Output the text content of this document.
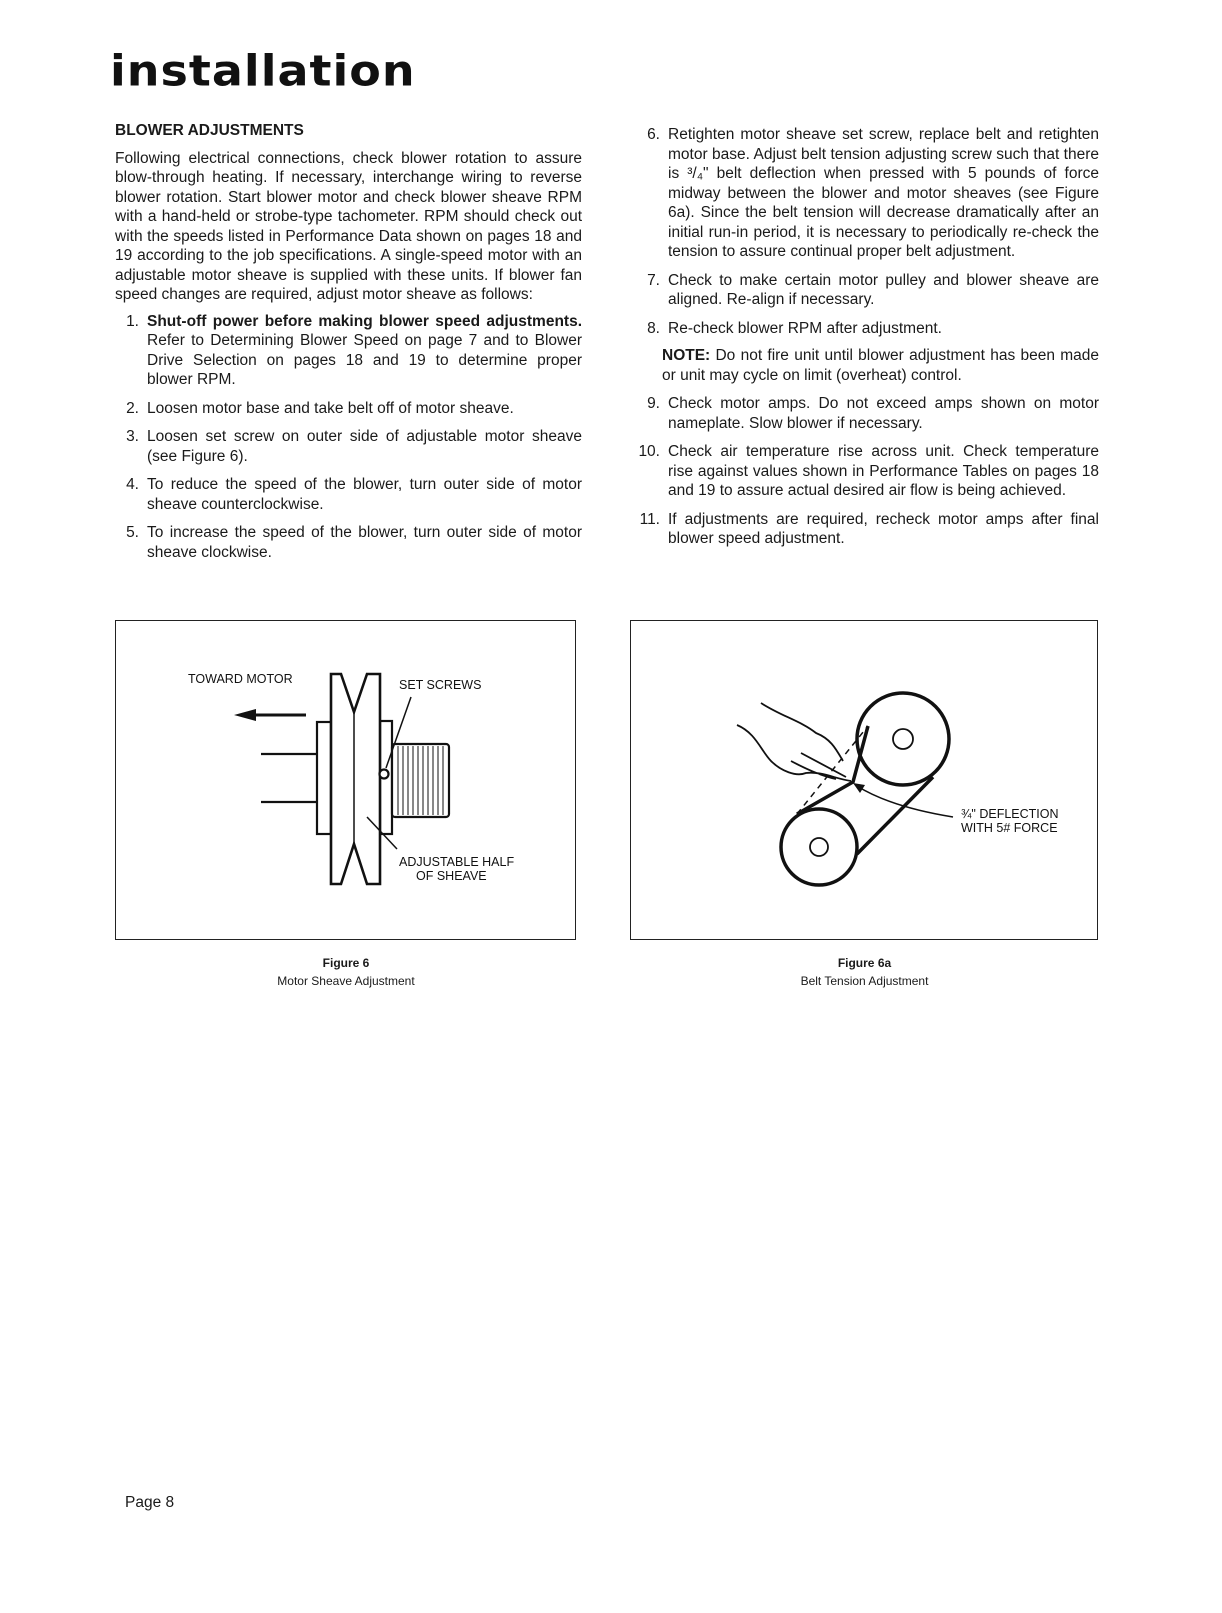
installation
BLOWER ADJUSTMENTS

Following electrical connections, check blower rotation to assure blow-through heating. If necessary, interchange wiring to reverse blower rotation. Start blower motor and check blower sheave RPM with a hand-held or strobe-type tachometer. RPM should check out with the speeds listed in Performance Data shown on pages 18 and 19 according to the job specifications. A single-speed motor with an adjustable motor sheave is supplied with these units. If blower fan speed changes are required, adjust motor sheave as follows:

1. Shut-off power before making blower speed adjustments. Refer to Determining Blower Speed on page 7 and to Blower Drive Selection on pages 18 and 19 to determine proper blower RPM.
2. Loosen motor base and take belt off of motor sheave.
3. Loosen set screw on outer side of adjustable motor sheave (see Figure 6).
4. To reduce the speed of the blower, turn outer side of motor sheave counterclockwise.
5. To increase the speed of the blower, turn outer side of motor sheave clockwise.
6. Retighten motor sheave set screw, replace belt and retighten motor base. Adjust belt tension adjusting screw such that there is ³/₄" belt deflection when pressed with 5 pounds of force midway between the blower and motor sheaves (see Figure 6a). Since the belt tension will decrease dramatically after an initial run-in period, it is necessary to periodically re-check the tension to assure continual proper belt adjustment.
7. Check to make certain motor pulley and blower sheave are aligned. Re-align if necessary.
8. Re-check blower RPM after adjustment.
NOTE: Do not fire unit until blower adjustment has been made or unit may cycle on limit (overheat) control.
9. Check motor amps. Do not exceed amps shown on motor nameplate. Slow blower if necessary.
10. Check air temperature rise across unit. Check temperature rise against values shown in Performance Tables on pages 18 and 19 to assure actual desired air flow is being achieved.
11. If adjustments are required, recheck motor amps after final blower speed adjustment.
TOWARD MOTOR	SET SCREWS
ADJUSTABLE HALF
OF SHEAVE
Figure 6
Motor Sheave Adjustment
¾" DEFLECTION
WITH 5# FORCE
Figure 6a
Belt Tension Adjustment
Page 8
